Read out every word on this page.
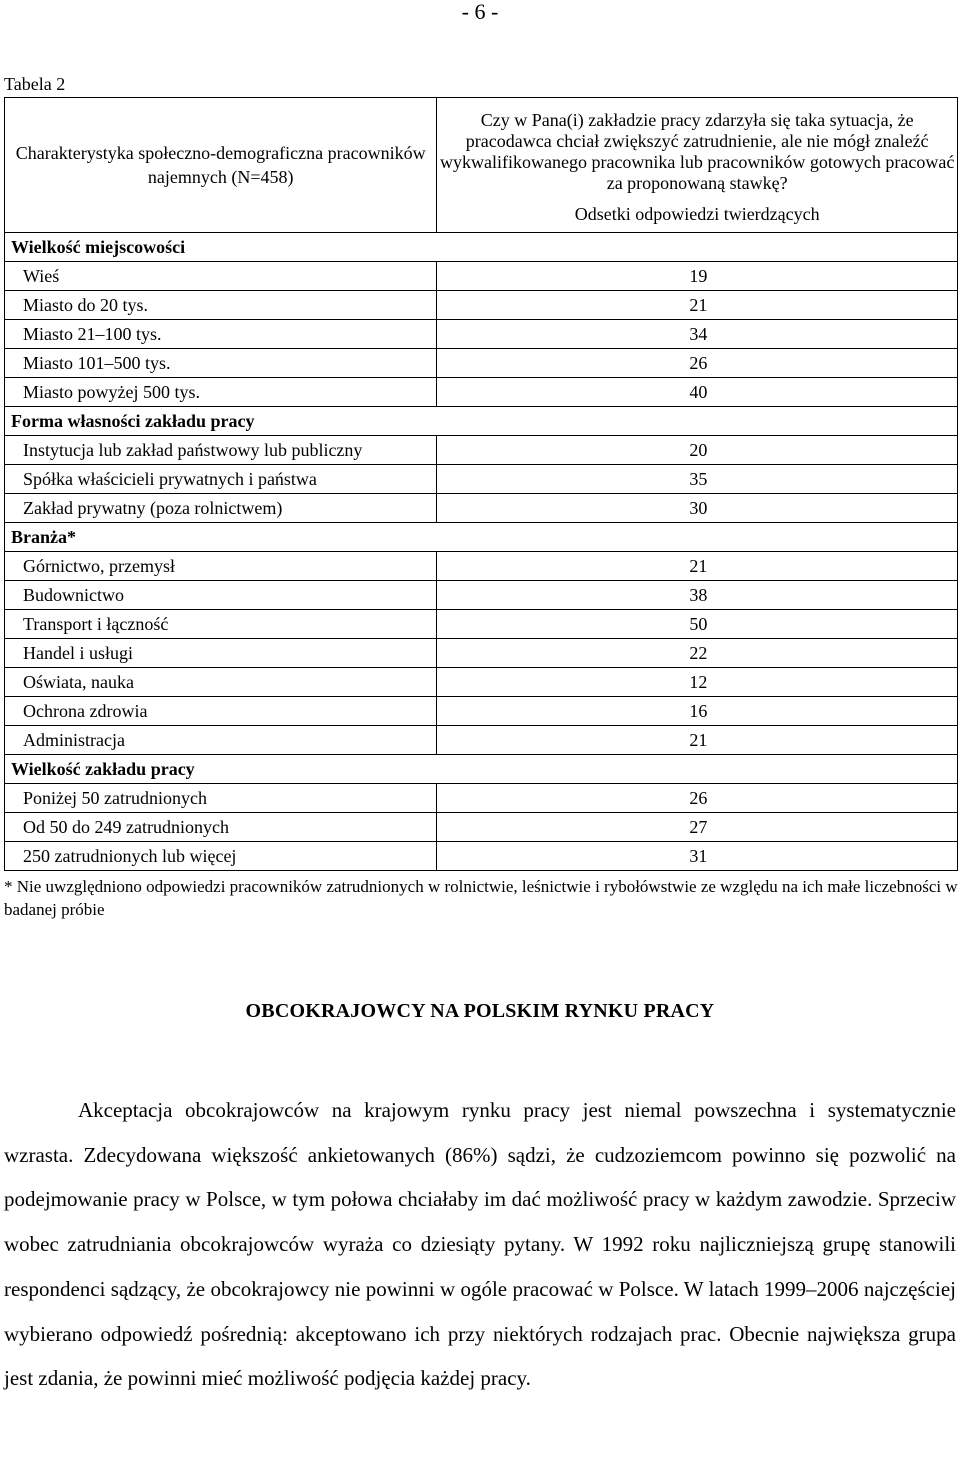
- 6 -
Tabela 2
Charakterystyka społeczno-demograficzna pracowników najemnych (N=458)	Czy w Pana(i) zakładzie pracy zdarzyła się taka sytuacja, że pracodawca chciał zwiększyć zatrudnienie, ale nie mógł znaleźć wykwalifikowanego pracownika lub pracowników gotowych pracować za proponowaną stawkę?
Odsetki odpowiedzi twierdzących

Wielkość miejscowości	
Wieś	19
Miasto do 20 tys.	21
Miasto 21–100 tys.	34
Miasto 101–500 tys.	26
Miasto powyżej 500 tys.	40
Forma własności zakładu pracy	
Instytucja lub zakład państwowy lub publiczny	20
Spółka właścicieli prywatnych i państwa	35
Zakład prywatny (poza rolnictwem)	30
Branża*	
Górnictwo, przemysł	21
Budownictwo	38
Transport i łączność	50
Handel i usługi	22
Oświata, nauka	12
Ochrona zdrowia	16
Administracja	21
Wielkość zakładu pracy	
Poniżej 50 zatrudnionych	26
Od 50 do 249 zatrudnionych	27
250 zatrudnionych lub więcej	31
* Nie uwzględniono odpowiedzi pracowników zatrudnionych w rolnictwie, leśnictwie i rybołówstwie ze względu na ich małe liczebności w badanej próbie
OBCOKRAJOWCY NA POLSKIM RYNKU PRACY

Akceptacja obcokrajowców na krajowym rynku pracy jest niemal powszechna i systematycznie wzrasta. Zdecydowana większość ankietowanych (86%) sądzi, że cudzoziemcom powinno się pozwolić na podejmowanie pracy w Polsce, w tym połowa chciałaby im dać możliwość pracy w każdym zawodzie. Sprzeciw wobec zatrudniania obcokrajowców wyraża co dziesiąty pytany. W 1992 roku najliczniejszą grupę stanowili respondenci sądzący, że obcokrajowcy nie powinni w ogóle pracować w Polsce. W latach 1999–2006 najczęściej wybierano odpowiedź pośrednią: akceptowano ich przy niektórych rodzajach prac. Obecnie największa grupa jest zdania, że powinni mieć możliwość podjęcia każdej pracy.
